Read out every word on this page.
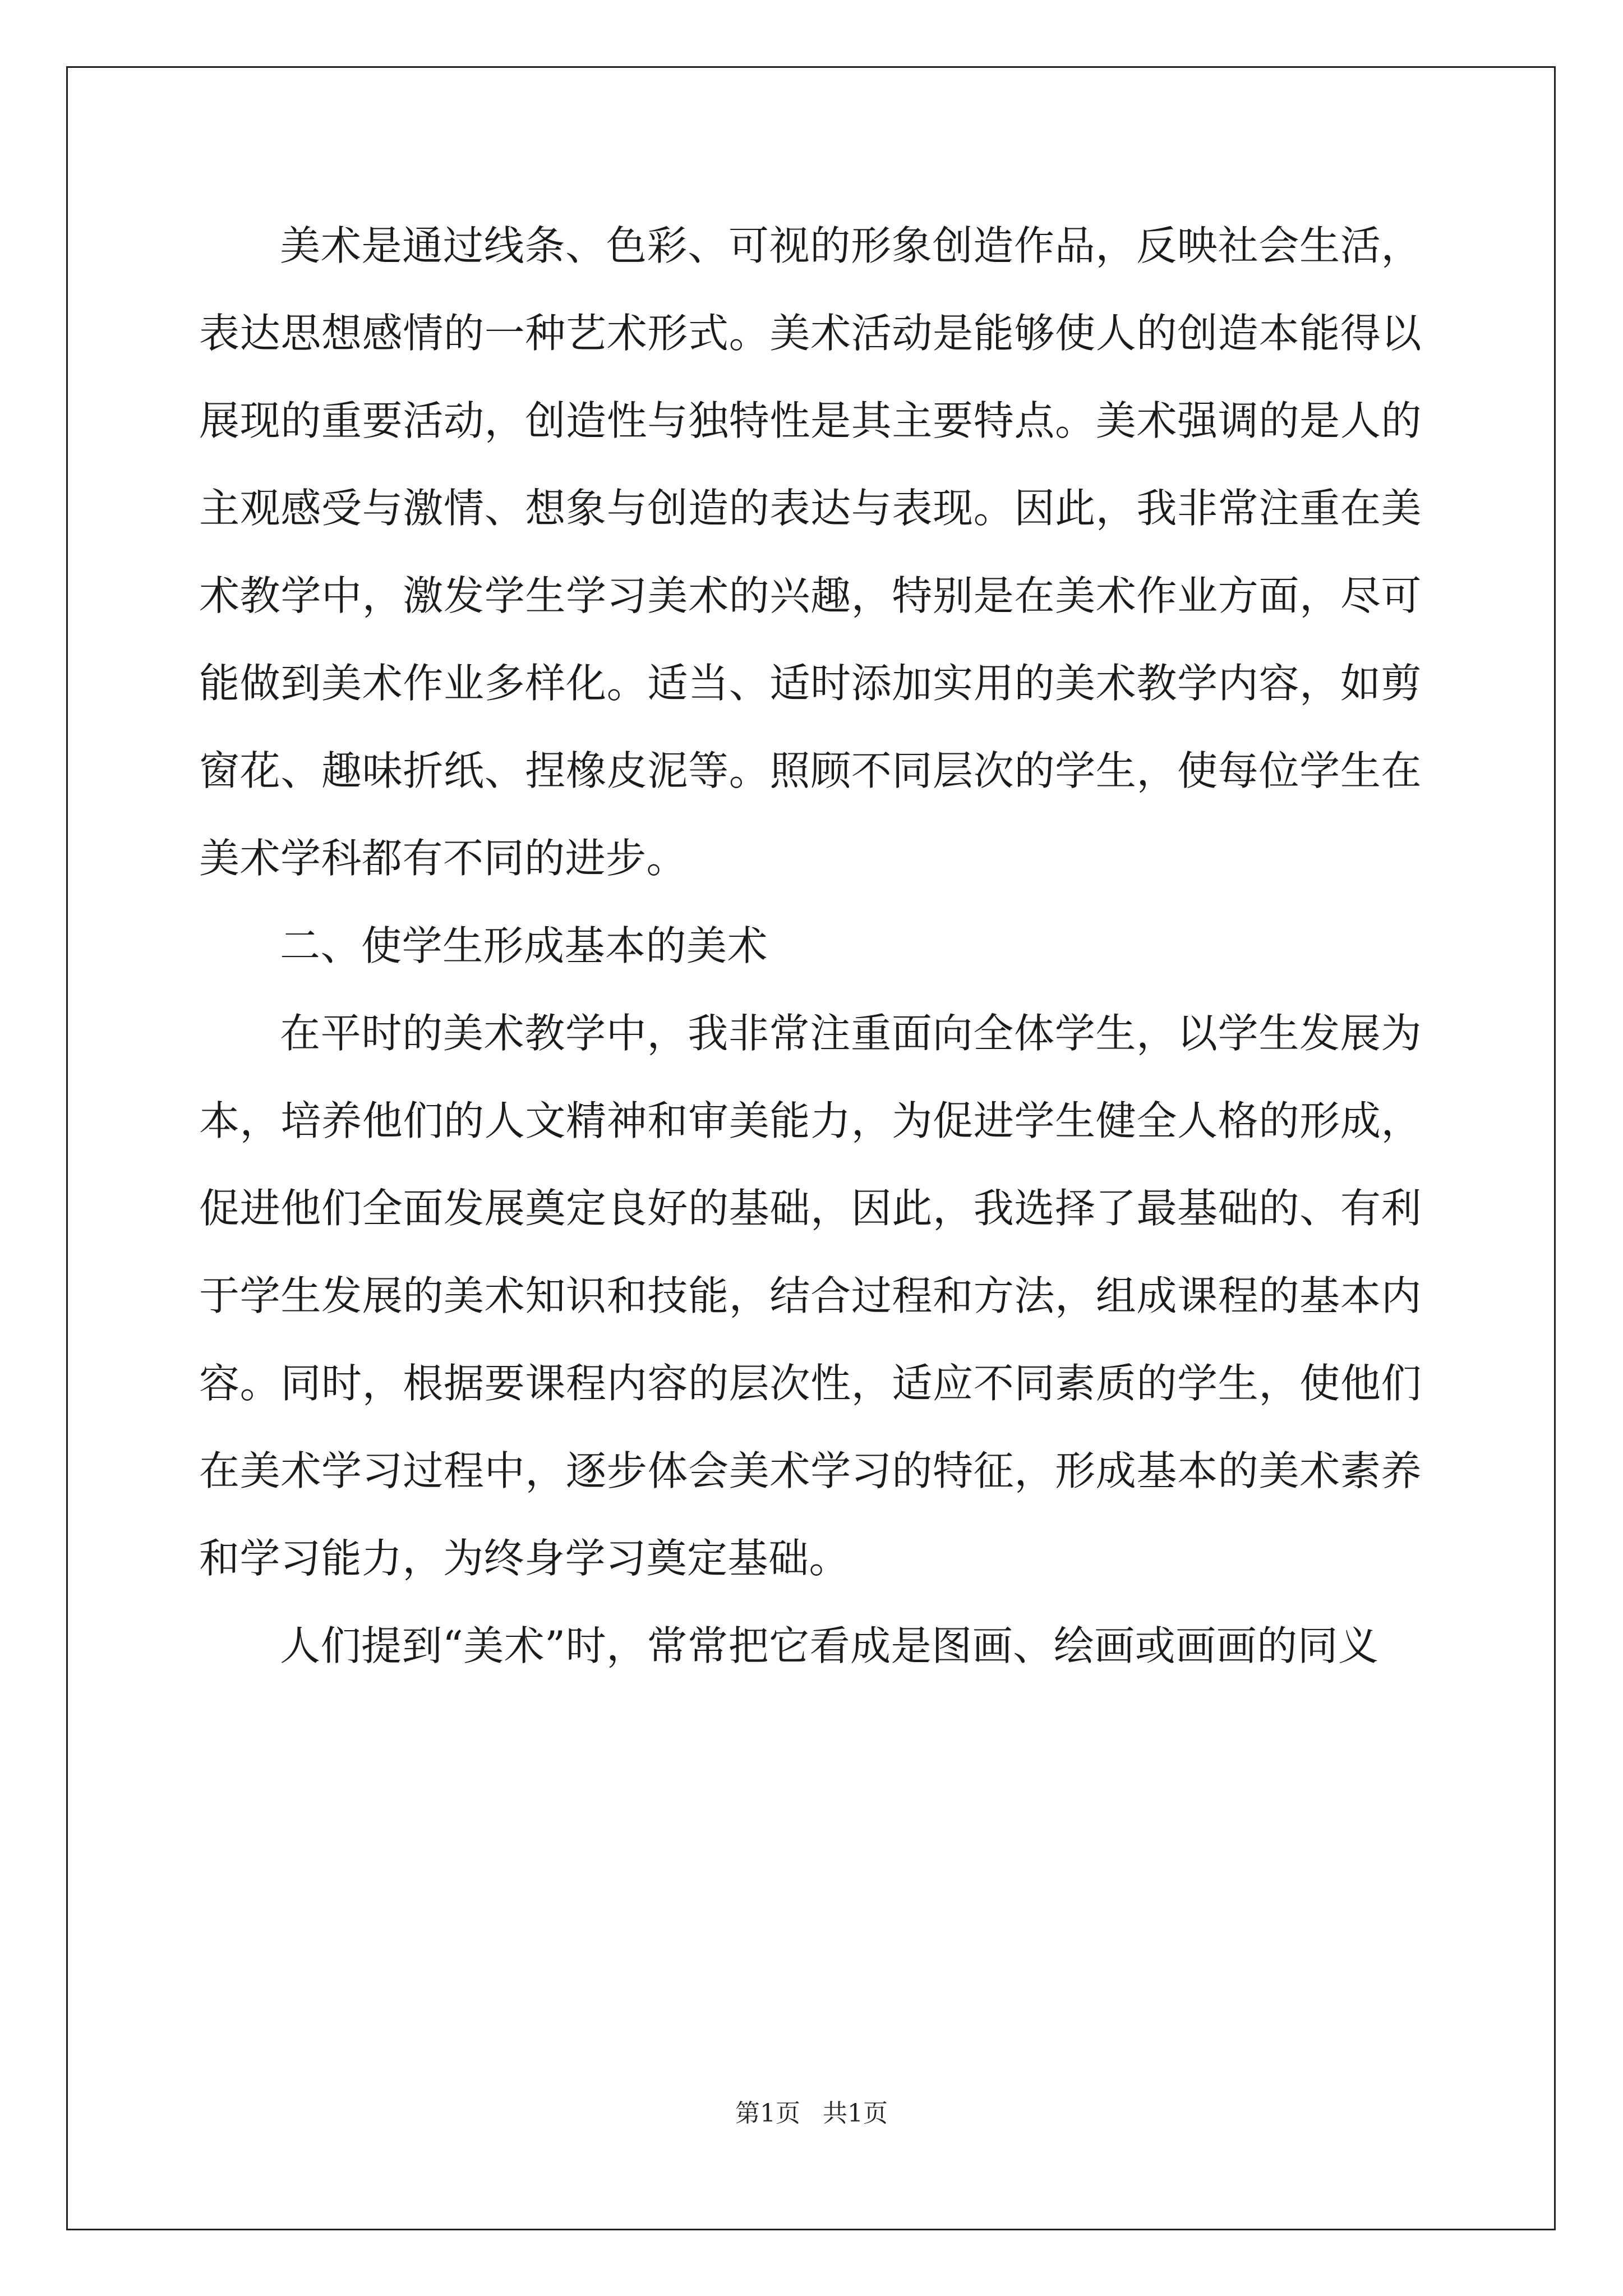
美术是通过线条、色彩、可视的形象创造作品，反映社会生活，表达思想感情的一种艺术形式。美术活动是能够使人的创造本能得以展现的重要活动，创造性与独特性是其主要特点。美术强调的是人的主观感受与激情、想象与创造的表达与表现。因此，我非常注重在美术教学中，激发学生学习美术的兴趣，特别是在美术作业方面，尽可能做到美术作业多样化。适当、适时添加实用的美术教学内容，如剪窗花、趣味折纸、捏橡皮泥等。照顾不同层次的学生，使每位学生在美术学科都有不同的进步。

二、使学生形成基本的美术

在平时的美术教学中，我非常注重面向全体学生，以学生发展为本，培养他们的人文精神和审美能力，为促进学生健全人格的形成，促进他们全面发展奠定良好的基础，因此，我选择了最基础的、有利于学生发展的美术知识和技能，结合过程和方法，组成课程的基本内容。同时，根据要课程内容的层次性，适应不同素质的学生，使他们在美术学习过程中，逐步体会美术学习的特征，形成基本的美术素养和学习能力，为终身学习奠定基础。

人们提到“美术”时，常常把它看成是图画、绘画或画画的同义

第1页 共1页
